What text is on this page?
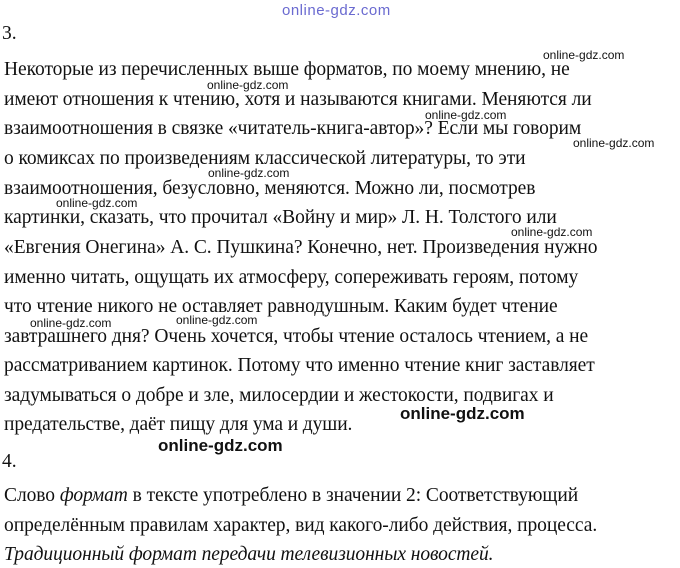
online-gdz.com
online-gdz.com
online-gdz.com
online-gdz.com
online-gdz.com
online-gdz.com
online-gdz.com
online-gdz.com
online-gdz.com	online-gdz.com
online-gdz.com
online-gdz.com
3.
Некоторые из перечисленных выше форматов, по моему мнению, не
имеют отношения к чтению, хотя и называются книгами. Меняются ли
взаимоотношения в связке «читатель-книга-автор»? Если мы говорим
о комиксах по произведениям классической литературы, то эти
взаимоотношения, безусловно, меняются. Можно ли, посмотрев
картинки, сказать, что прочитал «Войну и мир» Л. Н. Толстого или
«Евгения Онегина» А. С. Пушкина? Конечно, нет. Произведения нужно
именно читать, ощущать их атмосферу, сопереживать героям, потому
что чтение никого не оставляет равнодушным. Каким будет чтение
завтрашнего дня? Очень хочется, чтобы чтение осталось чтением, а не
рассматриванием картинок. Потому что именно чтение книг заставляет
задумываться о добре и зле, милосердии и жестокости, подвигах и
предательстве, даёт пищу для ума и души.
4.
Слово формат в тексте употреблено в значении 2: Соответствующий
определённым правилам характер, вид какого-либо действия, процесса.
Традиционный формат передачи телевизионных новостей.
